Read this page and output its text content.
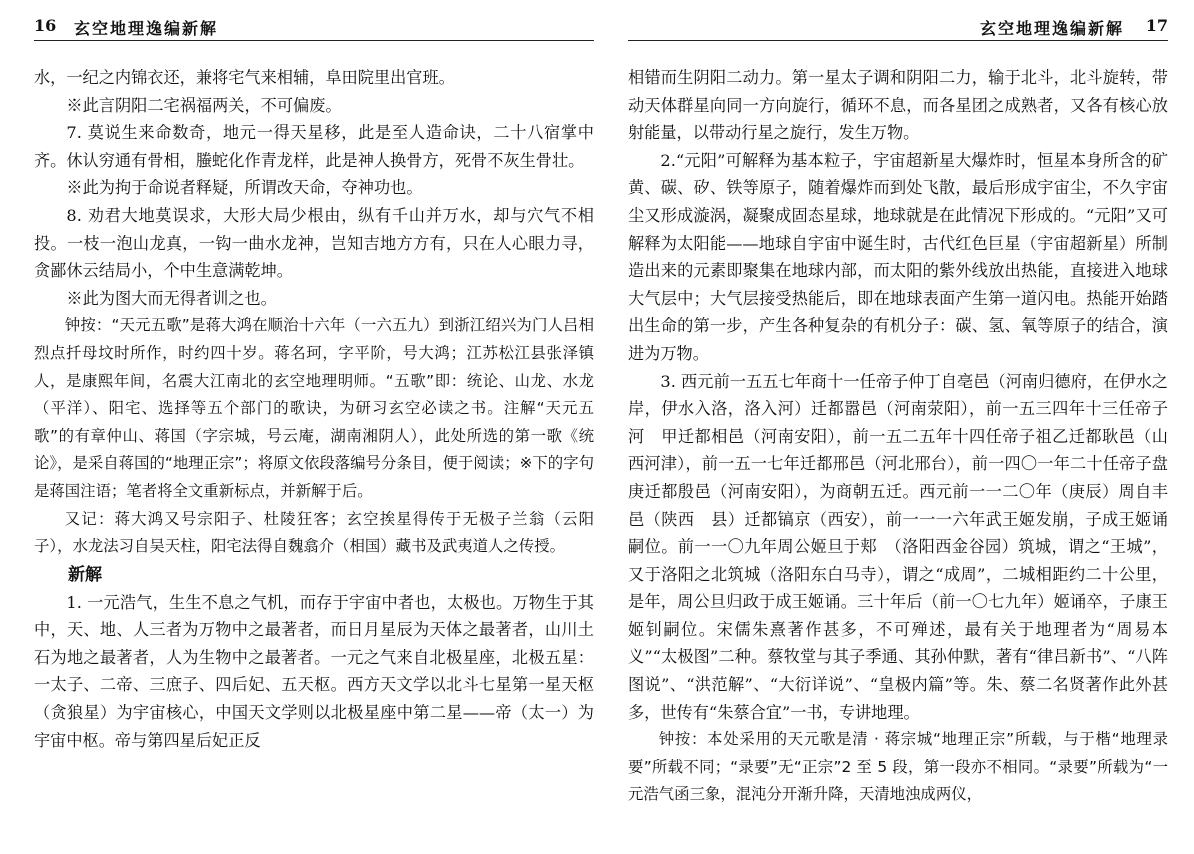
16 玄空地理逸编新解

水，一纪之内锦衣还，兼将宅气来相辅，阜田院里出官班。

※此言阴阳二宅祸福两关，不可偏废。

7. 莫说生来命数奇，地元一得天星移，此是至人造命诀，二十八宿掌中齐。休认穷通有骨相，螣蛇化作青龙样，此是神人换骨方，死骨不灰生骨壮。

※此为拘于命说者释疑，所谓改天命，夺神功也。

8. 劝君大地莫误求，大形大局少根由，纵有千山并万水，却与穴气不相投。一枝一泡山龙真，一钩一曲水龙神，岂知吉地方方有，只在人心眼力寻，贪鄙休云结局小，个中生意满乾坤。

※此为图大而无得者训之也。

钟按：“天元五歌”是蒋大鸿在顺治十六年（一六五九）到浙江绍兴为门人吕相烈点扦母坟时所作，时约四十岁。蒋名珂，字平阶，号大鸿；江苏松江县张泽镇人，是康熙年间，名震大江南北的玄空地理明师。“五歌”即：统论、山龙、水龙（平洋）、阳宅、选择等五个部门的歌诀，为研习玄空必读之书。注解“天元五歌”的有章仲山、蒋国（字宗城，号云庵，湖南湘阴人），此处所选的第一歌《统论》，是采自蒋国的“地理正宗”；将原文依段落编号分条目，便于阅读；※下的字句是蒋国注语；笔者将全文重新标点，并新解于后。

又记：蒋大鸿又号宗阳子、杜陵狂客；玄空挨星得传于无极子兰翁（云阳子），水龙法习自吴天柱，阳宅法得自魏翕介（相国）藏书及武夷道人之传授。

新解

1. 一元浩气，生生不息之气机，而存于宇宙中者也，太极也。万物生于其中，天、地、人三者为万物中之最著者，而日月星辰为天体之最著者，山川土石为地之最著者，人为生物中之最著者。一元之气来自北极星座，北极五星：一太子、二帝、三庶子、四后妃、五天枢。西方天文学以北斗七星第一星天枢（贪狼星）为宇宙核心，中国天文学则以北极星座中第二星——帝（太一）为宇宙中枢。帝与第四星后妃正反

玄空地理逸编新解 17

相错而生阴阳二动力。第一星太子调和阴阳二力，输于北斗，北斗旋转，带动天体群星向同一方向旋行，循环不息，而各星团之成熟者，又各有核心放射能量，以带动行星之旋行，发生万物。

2.“元阳”可解释为基本粒子，宇宙超新星大爆炸时，恒星本身所含的矿黄、碳、矽、铁等原子，随着爆炸而到处飞散，最后形成宇宙尘，不久宇宙尘又形成漩涡，凝聚成固态星球，地球就是在此情况下形成的。“元阳”又可解释为太阳能——地球自宇宙中诞生时，古代红色巨星（宇宙超新星）所制造出来的元素即聚集在地球内部，而太阳的紫外线放出热能，直接进入地球大气层中；大气层接受热能后，即在地球表面产生第一道闪电。热能开始踏出生命的第一步，产生各种复杂的有机分子：碳、氢、氧等原子的结合，演进为万物。

3. 西元前一五五七年商十一任帝子仲丁自亳邑（河南归德府，在伊水之岸，伊水入洛，洛入河）迁都嚣邑（河南荥阳），前一五三四年十三任帝子河　甲迁都相邑（河南安阳），前一五二五年十四任帝子祖乙迁都耿邑（山西河津），前一五一七年迁都邢邑（河北邢台），前一四〇一年二十任帝子盘庚迁都殷邑（河南安阳），为商朝五迁。西元前一一二〇年（庚辰）周自丰邑（陕西　县）迁都镐京（西安），前一一一六年武王姬发崩，子成王姬诵嗣位。前一一〇九年周公姬旦于郏　（洛阳西金谷园）筑城，谓之“王城”，又于洛阳之北筑城（洛阳东白马寺），谓之“成周”，二城相距约二十公里，是年，周公旦归政于成王姬诵。三十年后（前一〇七九年）姬诵卒，子康王姬钊嗣位。宋儒朱熹著作甚多，不可殚述，最有关于地理者为“周易本义”“太极图”二种。蔡牧堂与其子季通、其孙仲默，著有“律吕新书”、“八阵图说”、“洪范解”、“大衍详说”、“皇极内篇”等。朱、蔡二名贤著作此外甚多，世传有“朱蔡合宜”一书，专讲地理。

钟按：本处采用的天元歌是清 · 蒋宗城“地理正宗”所载，与于楷“地理录要”所载不同；“录要”无“正宗”2 至 5 段，第一段亦不相同。“录要”所载为“一元浩气函三象，混沌分开渐升降，天清地浊成两仪，
